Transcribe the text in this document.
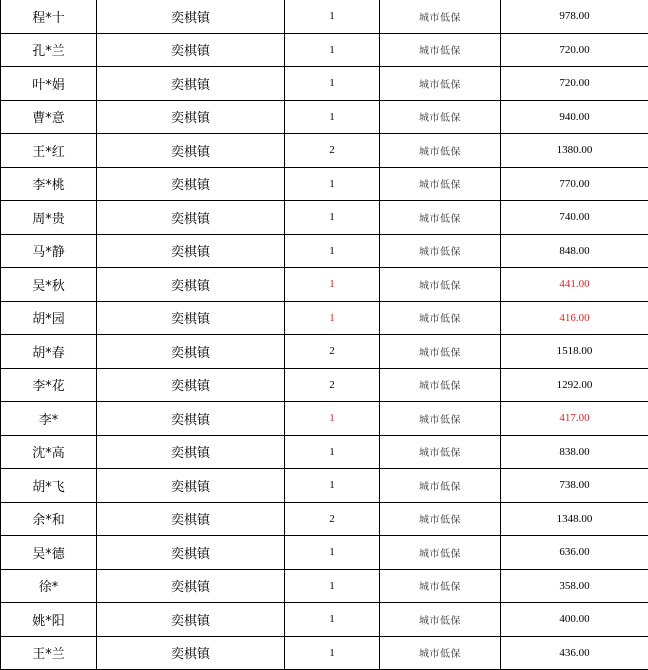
程*十	奕棋镇	1	城市低保	978.00
孔*兰	奕棋镇	1	城市低保	720.00
叶*娟	奕棋镇	1	城市低保	720.00
曹*意	奕棋镇	1	城市低保	940.00
王*红	奕棋镇	2	城市低保	1380.00
李*桃	奕棋镇	1	城市低保	770.00
周*贵	奕棋镇	1	城市低保	740.00
马*静	奕棋镇	1	城市低保	848.00
吴*秋	奕棋镇	1	城市低保	441.00
胡*园	奕棋镇	1	城市低保	416.00
胡*春	奕棋镇	2	城市低保	1518.00
李*花	奕棋镇	2	城市低保	1292.00
李*	奕棋镇	1	城市低保	417.00
沈*高	奕棋镇	1	城市低保	838.00
胡*飞	奕棋镇	1	城市低保	738.00
余*和	奕棋镇	2	城市低保	1348.00
吴*德	奕棋镇	1	城市低保	636.00
徐*	奕棋镇	1	城市低保	358.00
姚*阳	奕棋镇	1	城市低保	400.00
王*兰	奕棋镇	1	城市低保	436.00
